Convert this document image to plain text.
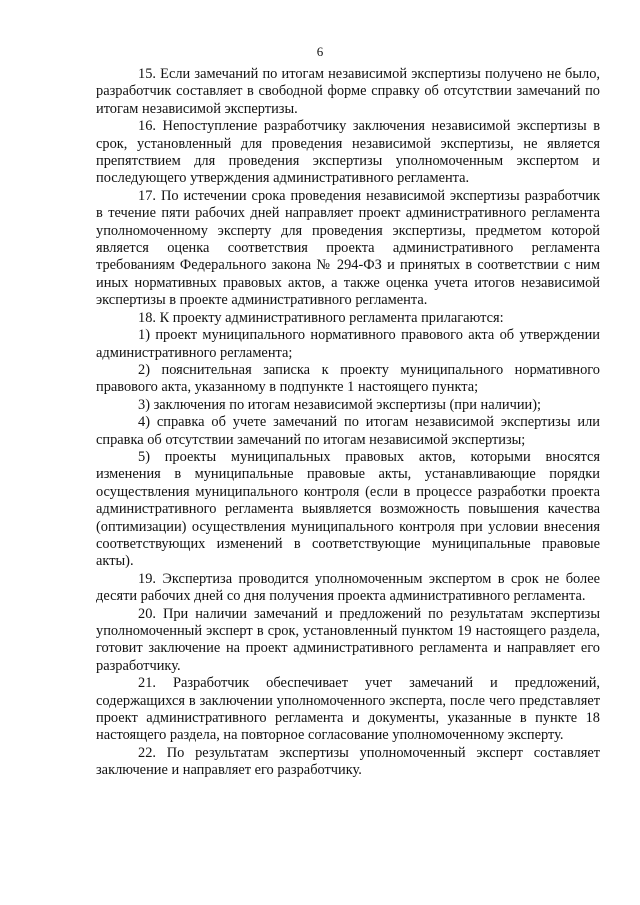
6

15. Если замечаний по итогам независимой экспертизы получено не было, разработчик составляет в свободной форме справку об отсутствии замечаний по итогам независимой экспертизы.

16. Непоступление разработчику заключения независимой экспертизы в срок, установленный для проведения независимой экспертизы, не является препятствием для проведения экспертизы уполномоченным экспертом и последующего утверждения административного регламента.

17. По истечении срока проведения независимой экспертизы разработчик в течение пяти рабочих дней направляет проект административного регламента уполномоченному эксперту для проведения экспертизы, предметом которой является оценка соответствия проекта административного регламента требованиям Федерального закона № 294-ФЗ и принятых в соответствии с ним иных нормативных правовых актов, а также оценка учета итогов независимой экспертизы в проекте административного регламента.

18. К проекту административного регламента прилагаются:

1) проект муниципального нормативного правового акта об утверждении административного регламента;

2) пояснительная записка к проекту муниципального нормативного правового акта, указанному в подпункте 1 настоящего пункта;

3) заключения по итогам независимой экспертизы (при наличии);

4) справка об учете замечаний по итогам независимой экспертизы или справка об отсутствии замечаний по итогам независимой экспертизы;

5) проекты муниципальных правовых актов, которыми вносятся изменения в муниципальные правовые акты, устанавливающие порядки осуществления муниципального контроля (если в процессе разработки проекта административного регламента выявляется возможность повышения качества (оптимизации) осуществления муниципального контроля при условии внесения соответствующих изменений в соответствующие муниципальные правовые акты).

19. Экспертиза проводится уполномоченным экспертом в срок не более десяти рабочих дней со дня получения проекта административного регламента.

20. При наличии замечаний и предложений по результатам экспертизы уполномоченный эксперт в срок, установленный пунктом 19 настоящего раздела, готовит заключение на проект административного регламента и направляет его разработчику.

21. Разработчик обеспечивает учет замечаний и предложений, содержащихся в заключении уполномоченного эксперта, после чего представляет проект административного регламента и документы, указанные в пункте 18 настоящего раздела, на повторное согласование уполномоченному эксперту.

22. По результатам экспертизы уполномоченный эксперт составляет заключение и направляет его разработчику.
